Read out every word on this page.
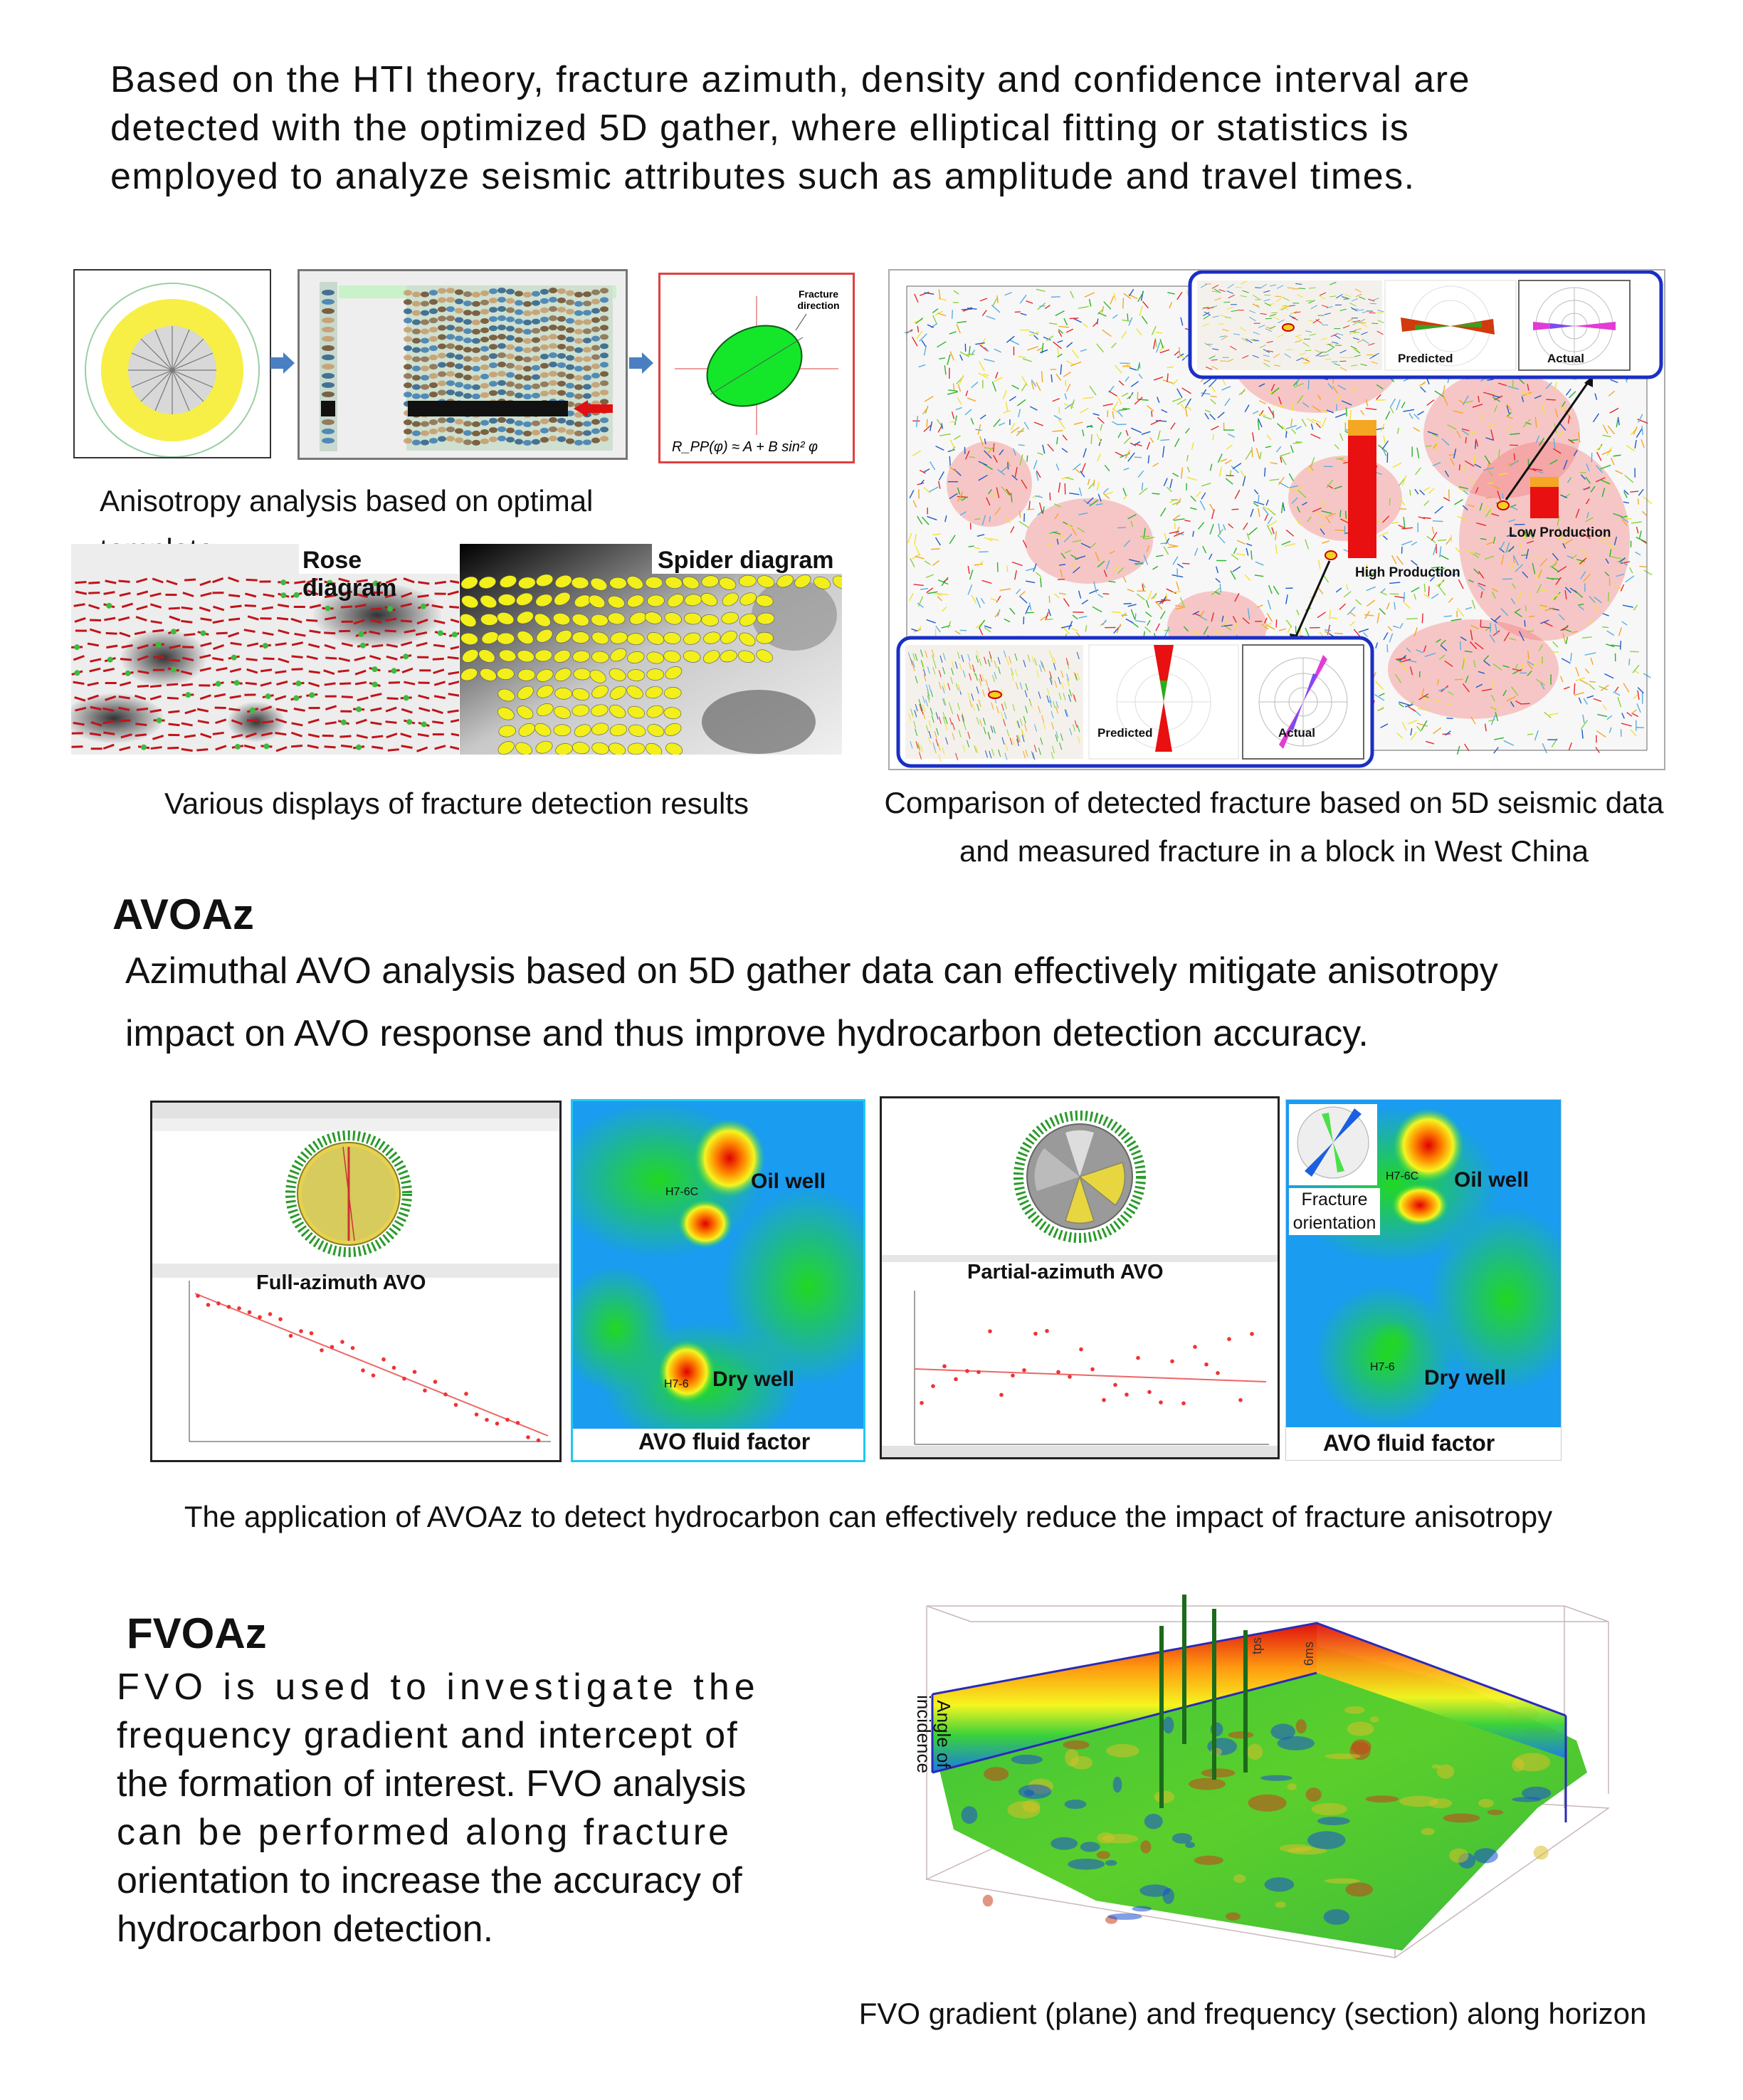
Based on the HTI theory, fracture azimuth, density and confidence interval are
detected with the optimized 5D gather, where elliptical fitting or statistics is
employed to analyze seismic attributes such as amplitude and travel times.
Fracture
direction
R_PP(φ) ≈ A + B sin² φ
Anisotropy analysis based on optimal
Rose diagram
Spider diagram
Various displays of fracture detection results
Predicted	Actual
High Production
Low Production
Predicted	Actual
Comparison of detected fracture based on 5D seismic data
and measured fracture in a block in West China
AVOAz
Azimuthal AVO analysis based on 5D gather data can effectively mitigate anisotropy
impact on AVO response and thus improve hydrocarbon detection accuracy.
Full-azimuth AVO
H7-6C
H7-6
Oil well
Dry well
AVO fluid factor
Partial-azimuth AVO
H7-6C
H7-6
Fracture
orientation
Oil well
Dry well
AVO fluid factor
The application of AVOAz to detect hydrocarbon can effectively reduce the impact of fracture anisotropy
FVOAz
FVO is used to investigate the
frequency gradient and intercept of
the formation of interest. FVO analysis
can be performed along fracture
orientation to increase the accuracy of
hydrocarbon detection.
tps	6ms
Angle of incidence
FVO gradient (plane) and frequency (section) along horizon
